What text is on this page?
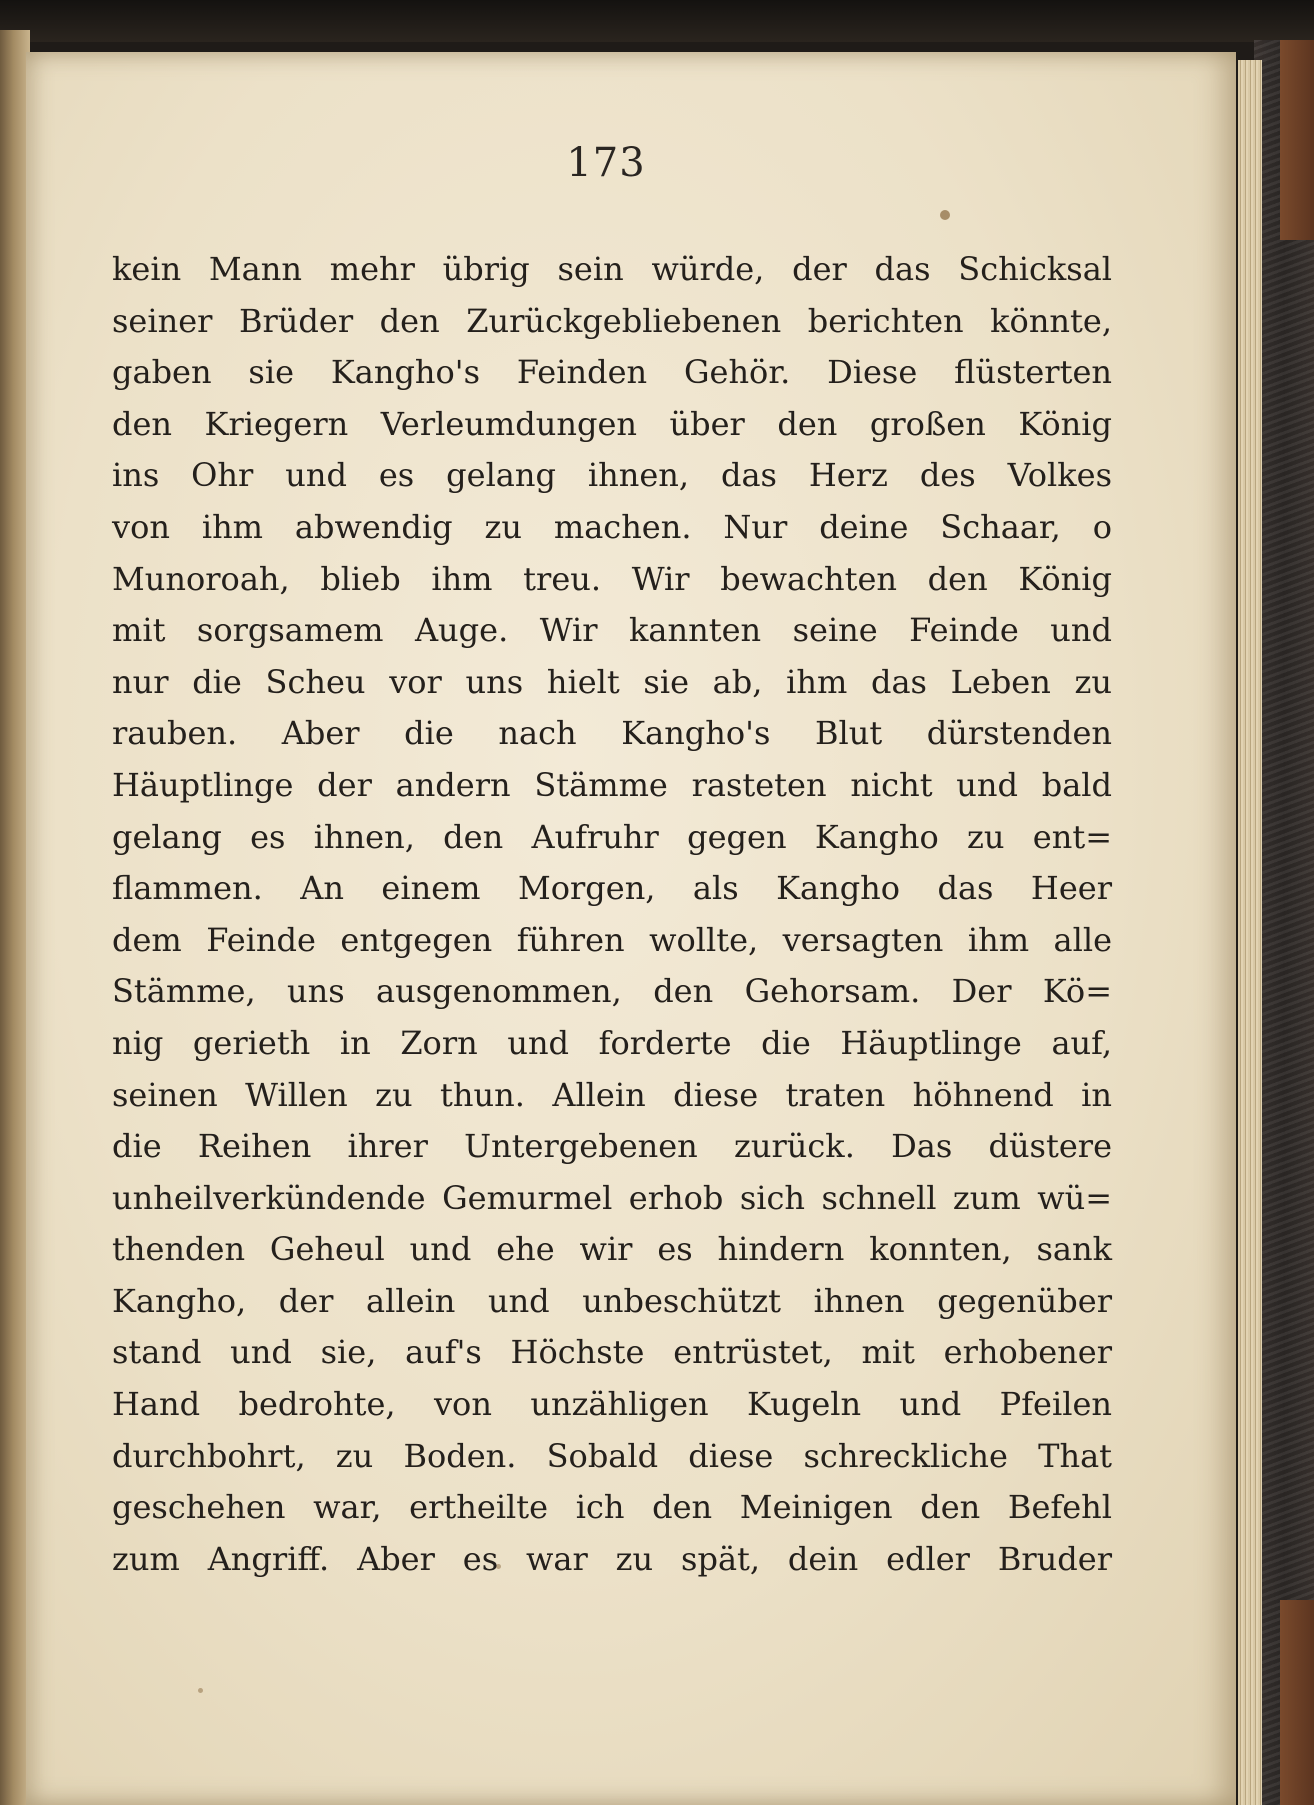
173
kein Mann mehr übrig sein würde, der das Schicksal
seiner Brüder den Zurückgebliebenen berichten könnte,
gaben sie Kangho's Feinden Gehör. Diese flüsterten
den Kriegern Verleumdungen über den großen König
ins Ohr und es gelang ihnen, das Herz des Volkes
von ihm abwendig zu machen. Nur deine Schaar, o
Munoroah, blieb ihm treu. Wir bewachten den König
mit sorgsamem Auge. Wir kannten seine Feinde und
nur die Scheu vor uns hielt sie ab, ihm das Leben zu
rauben. Aber die nach Kangho's Blut dürstenden
Häuptlinge der andern Stämme rasteten nicht und bald
gelang es ihnen, den Aufruhr gegen Kangho zu ent=
flammen. An einem Morgen, als Kangho das Heer
dem Feinde entgegen führen wollte, versagten ihm alle
Stämme, uns ausgenommen, den Gehorsam. Der Kö=
nig gerieth in Zorn und forderte die Häuptlinge auf,
seinen Willen zu thun. Allein diese traten höhnend in
die Reihen ihrer Untergebenen zurück. Das düstere
unheilverkündende Gemurmel erhob sich schnell zum wü=
thenden Geheul und ehe wir es hindern konnten, sank
Kangho, der allein und unbeschützt ihnen gegenüber
stand und sie, auf's Höchste entrüstet, mit erhobener
Hand bedrohte, von unzähligen Kugeln und Pfeilen
durchbohrt, zu Boden. Sobald diese schreckliche That
geschehen war, ertheilte ich den Meinigen den Befehl
zum Angriff. Aber es war zu spät, dein edler Bruder
